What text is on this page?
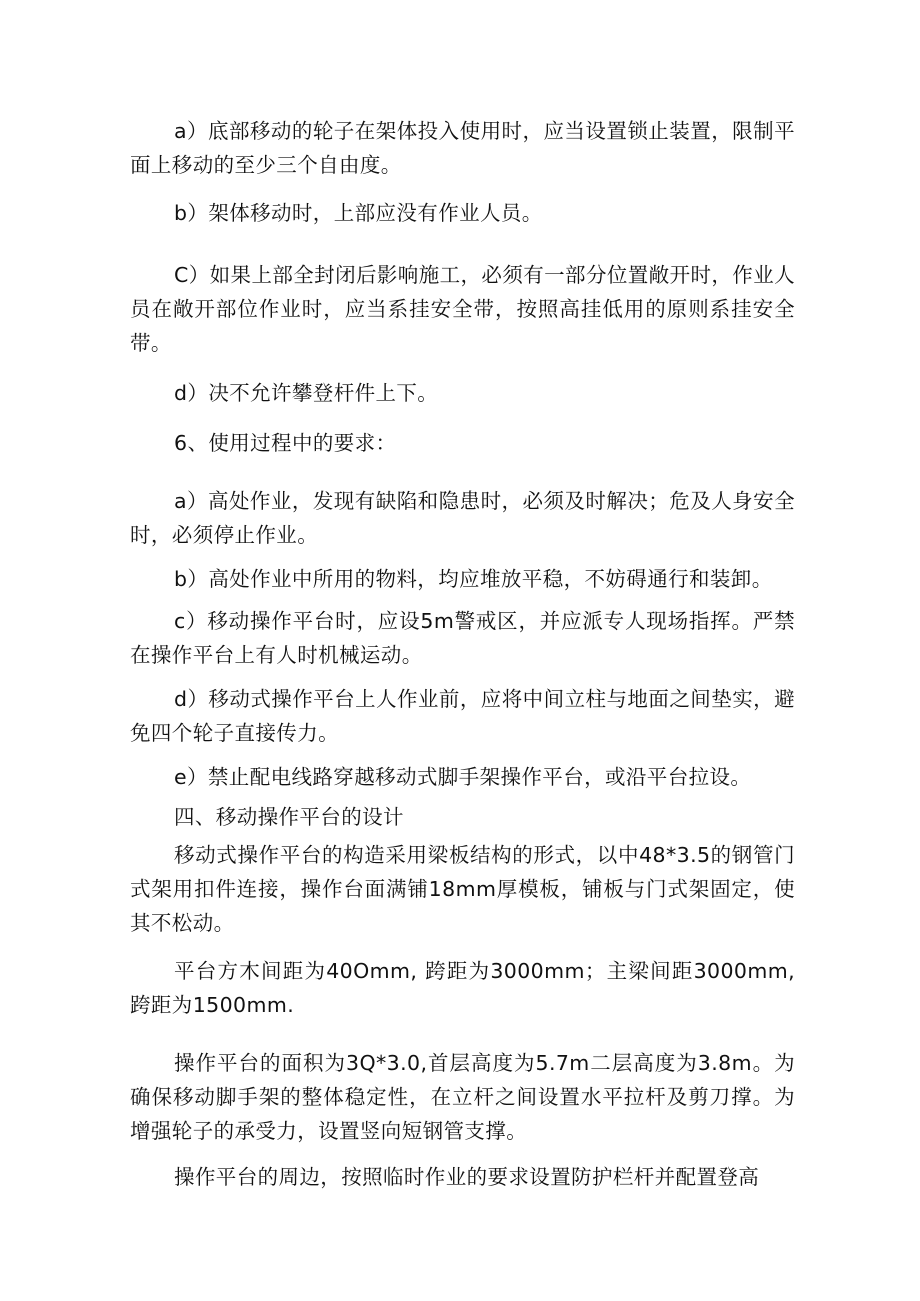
a）底部移动的轮子在架体投入使用时，应当设置锁止装置，限制平面上移动的至少三个自由度。

b）架体移动时，上部应没有作业人员。

C）如果上部全封闭后影响施工，必须有一部分位置敞开时，作业人员在敞开部位作业时，应当系挂安全带，按照高挂低用的原则系挂安全带。

d）决不允许攀登杆件上下。

6、使用过程中的要求：

a）高处作业，发现有缺陷和隐患时，必须及时解决；危及人身安全时，必须停止作业。

b）高处作业中所用的物料，均应堆放平稳，不妨碍通行和装卸。

c）移动操作平台时，应设5m警戒区，并应派专人现场指挥。严禁在操作平台上有人时机械运动。

d）移动式操作平台上人作业前，应将中间立柱与地面之间垫实，避免四个轮子直接传力。

e）禁止配电线路穿越移动式脚手架操作平台，或沿平台拉设。

四、移动操作平台的设计

移动式操作平台的构造采用梁板结构的形式，以中48*3.5的钢管门式架用扣件连接，操作台面满铺18mm厚模板，铺板与门式架固定，使其不松动。

平台方木间距为40Omm, 跨距为3000mm；主梁间距3000mm,跨距为1500mm.

操作平台的面积为3Q*3.0,首层高度为5.7m二层高度为3.8m。为确保移动脚手架的整体稳定性，在立杆之间设置水平拉杆及剪刀撑。为增强轮子的承受力，设置竖向短钢管支撑。

操作平台的周边，按照临时作业的要求设置防护栏杆并配置登高
